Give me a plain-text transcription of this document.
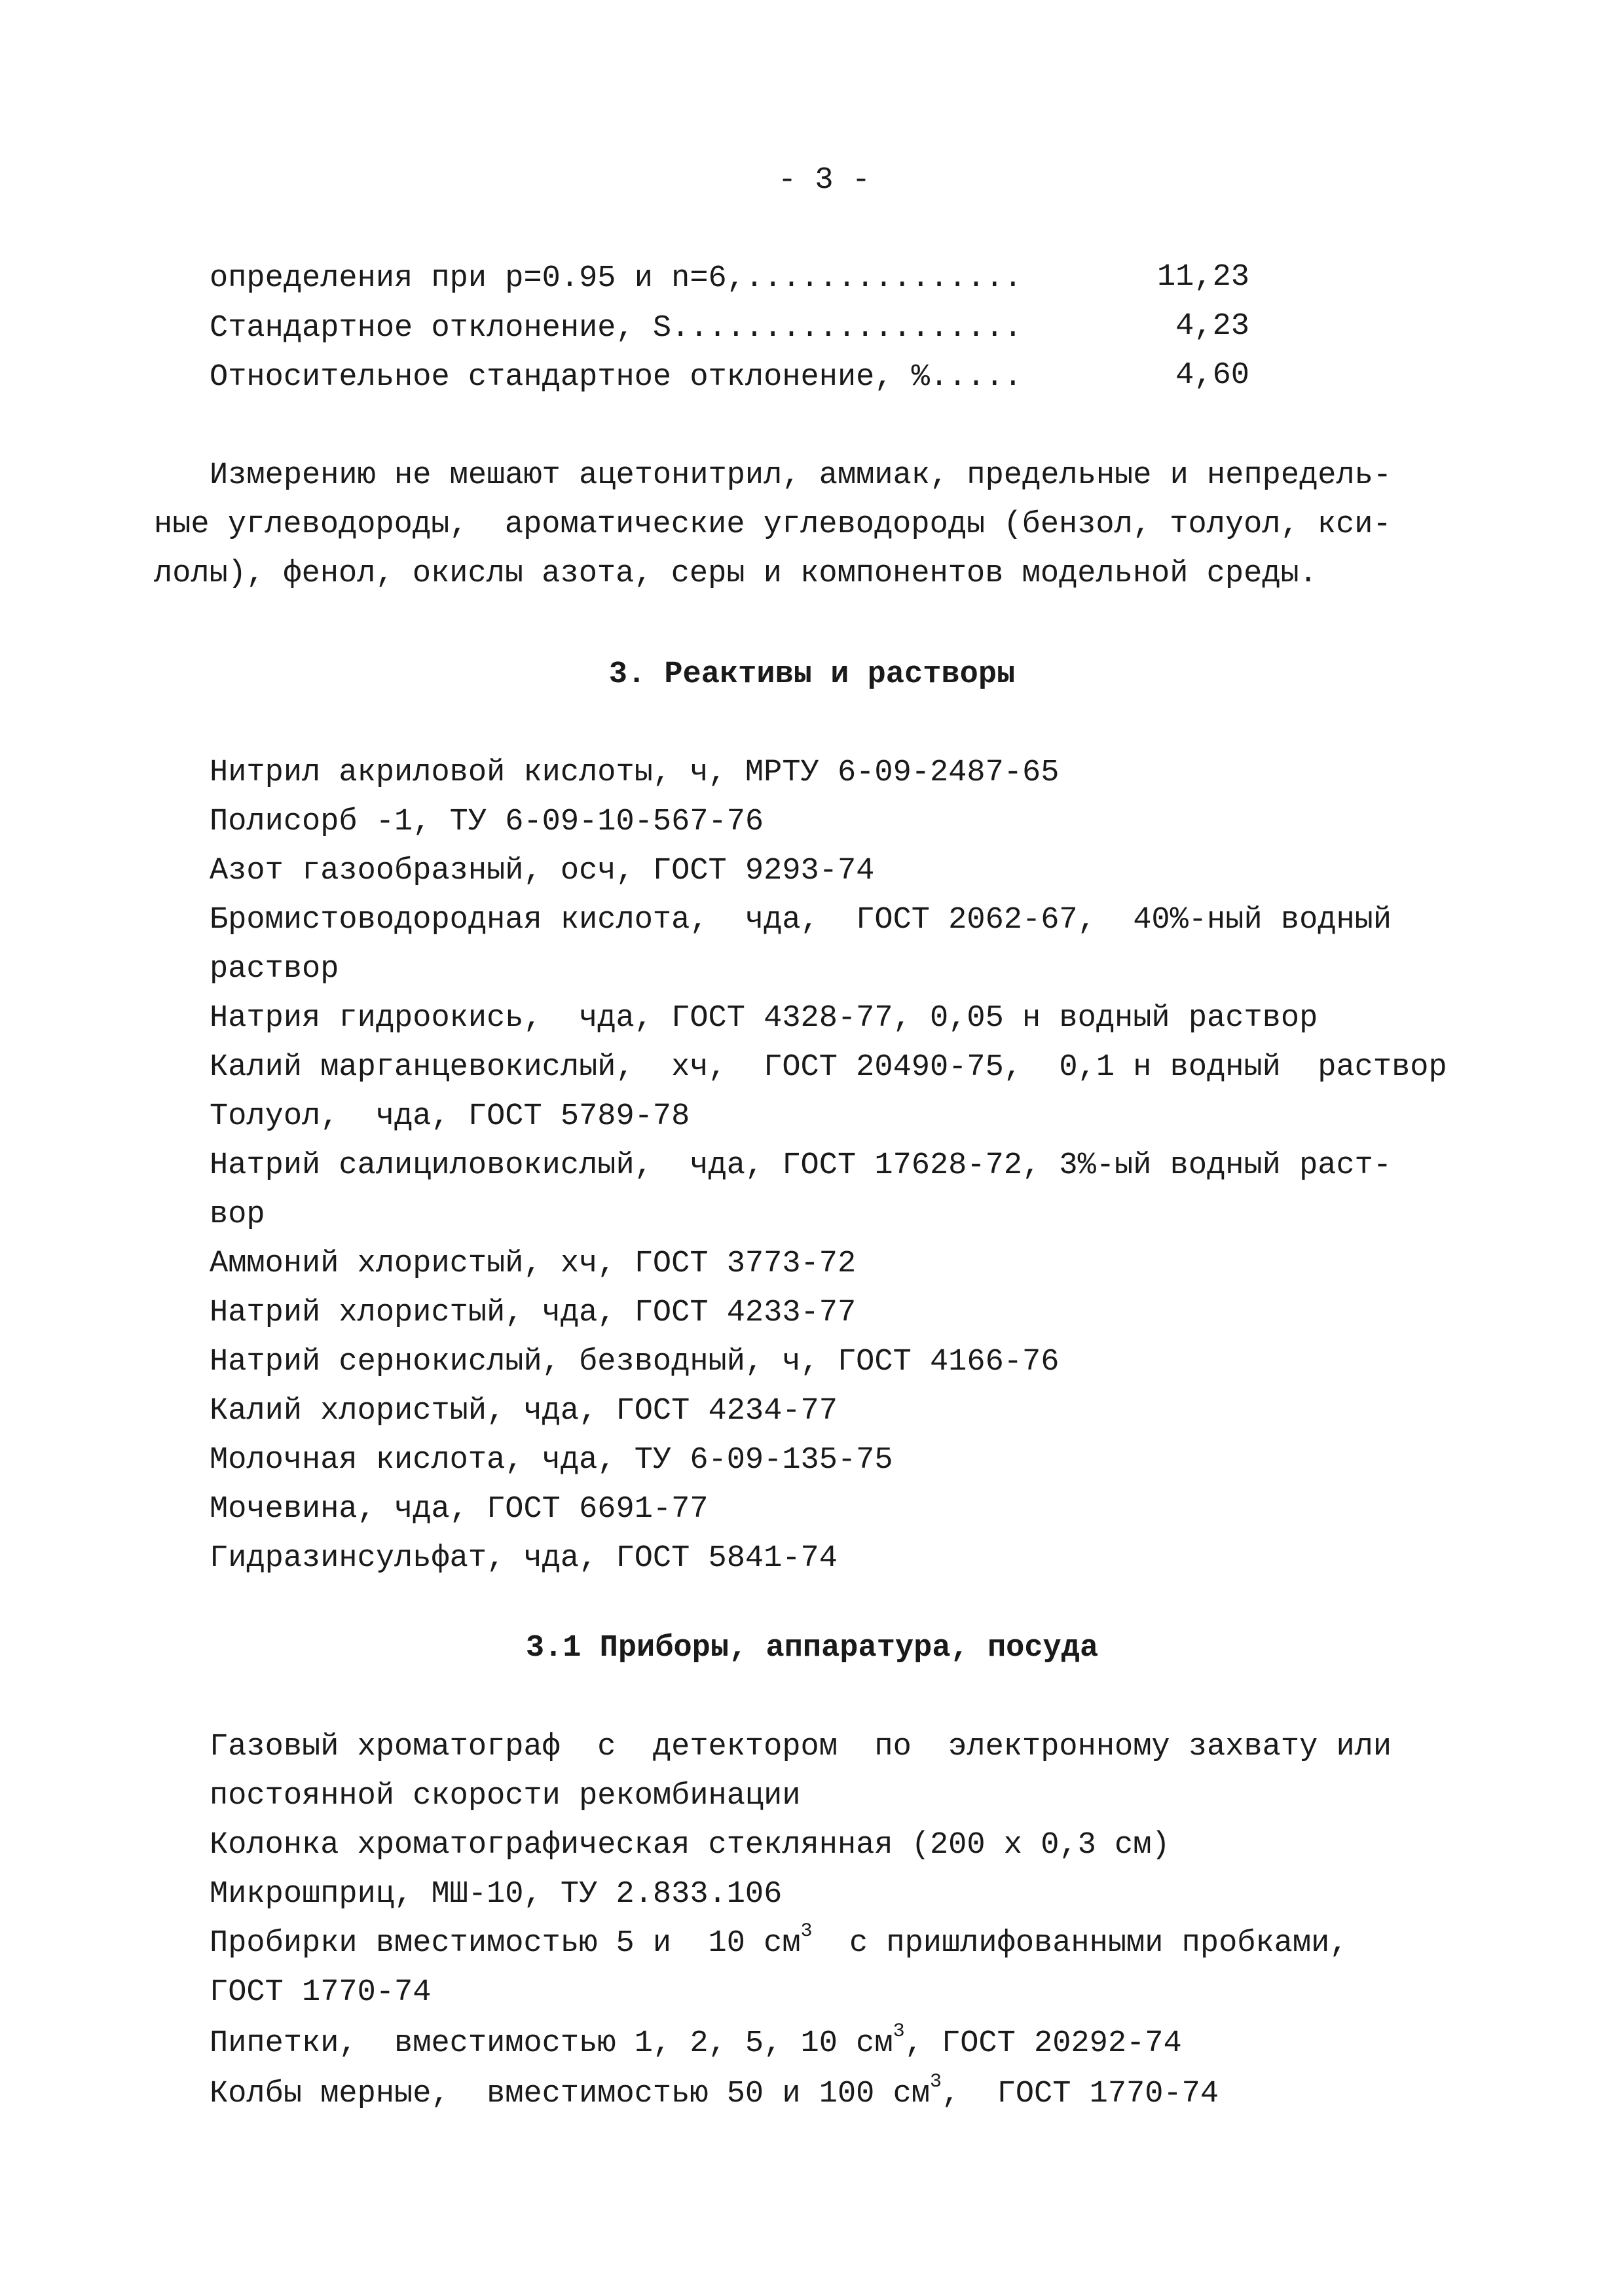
- 3 -
определения при p=0.95 и n=6,...............	11,23
Стандартное отклонение, S...................	4,23
Относительное стандартное отклонение, %.....	4,60
Измерению не мешают ацетонитрил, аммиак, предельные и непредель-
ные углеводороды,  ароматические углеводороды (бензол, толуол, кси-
лолы), фенол, окислы азота, серы и компонентов модельной среды.
3. Реактивы и растворы
Нитрил акриловой кислоты, ч, МРТУ 6-09-2487-65
Полисорб -1, ТУ 6-09-10-567-76
Азот газообразный, осч, ГОСТ 9293-74
Бромистоводородная кислота,  чда,  ГОСТ 2062-67,  40%-ный водный
раствор
Натрия гидроокись,  чда, ГОСТ 4328-77, 0,05 н водный раствор
Калий марганцевокислый,  хч,  ГОСТ 20490-75,  0,1 н водный  раствор
Толуол,  чда, ГОСТ 5789-78
Натрий салициловокислый,  чда, ГОСТ 17628-72, 3%-ый водный раст-
вор
Аммоний хлористый, хч, ГОСТ 3773-72
Натрий хлористый, чда, ГОСТ 4233-77
Натрий сернокислый, безводный, ч, ГОСТ 4166-76
Калий хлористый, чда, ГОСТ 4234-77
Молочная кислота, чда, ТУ 6-09-135-75
Мочевина, чда, ГОСТ 6691-77
Гидразинсульфат, чда, ГОСТ 5841-74
3.1 Приборы, аппаратура, посуда
Газовый хроматограф  с  детектором  по  электронному захвату или
постоянной скорости рекомбинации
Колонка хроматографическая стеклянная (200 х 0,3 см)
Микрошприц, МШ-10, ТУ 2.833.106
Пробирки вместимостью 5 и  10 $см^3$  с пришлифованными пробками,
ГОСТ 1770-74
Пипетки,  вместимостью 1, 2, 5, 10 $см^3$, ГОСТ 20292-74
Колбы мерные,  вместимостью 50 и 100 $см^3$,  ГОСТ 1770-74
